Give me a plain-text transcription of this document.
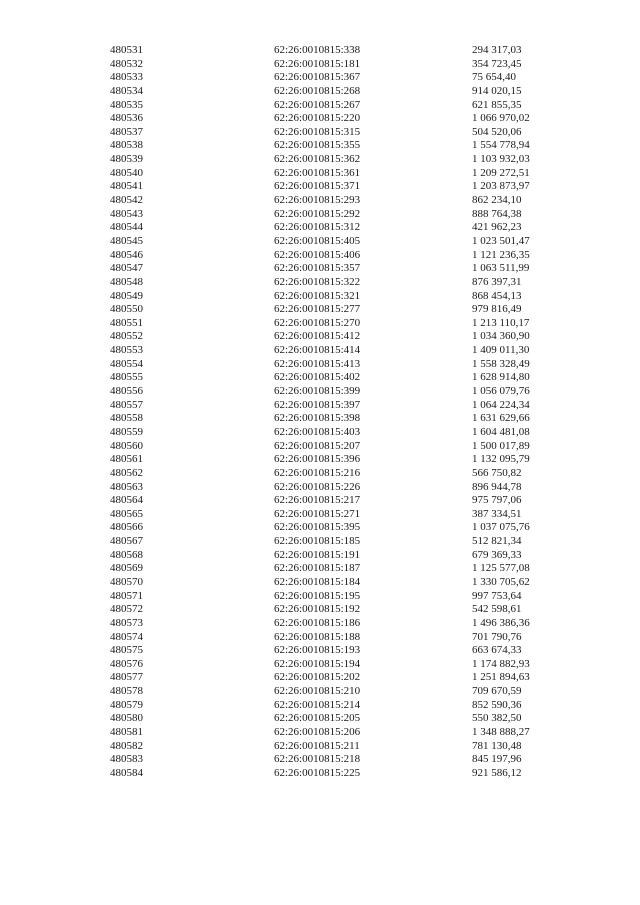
480531	62:26:0010815:338	294 317,03
480532	62:26:0010815:181	354 723,45
480533	62:26:0010815:367	75 654,40
480534	62:26:0010815:268	914 020,15
480535	62:26:0010815:267	621 855,35
480536	62:26:0010815:220	1 066 970,02
480537	62:26:0010815:315	504 520,06
480538	62:26:0010815:355	1 554 778,94
480539	62:26:0010815:362	1 103 932,03
480540	62:26:0010815:361	1 209 272,51
480541	62:26:0010815:371	1 203 873,97
480542	62:26:0010815:293	862 234,10
480543	62:26:0010815:292	888 764,38
480544	62:26:0010815:312	421 962,23
480545	62:26:0010815:405	1 023 501,47
480546	62:26:0010815:406	1 121 236,35
480547	62:26:0010815:357	1 063 511,99
480548	62:26:0010815:322	876 397,31
480549	62:26:0010815:321	868 454,13
480550	62:26:0010815:277	979 816,49
480551	62:26:0010815:270	1 213 110,17
480552	62:26:0010815:412	1 034 360,90
480553	62:26:0010815:414	1 409 011,30
480554	62:26:0010815:413	1 558 328,49
480555	62:26:0010815:402	1 628 914,80
480556	62:26:0010815:399	1 056 079,76
480557	62:26:0010815:397	1 064 224,34
480558	62:26:0010815:398	1 631 629,66
480559	62:26:0010815:403	1 604 481,08
480560	62:26:0010815:207	1 500 017,89
480561	62:26:0010815:396	1 132 095,79
480562	62:26:0010815:216	566 750,82
480563	62:26:0010815:226	896 944,78
480564	62:26:0010815:217	975 797,06
480565	62:26:0010815:271	387 334,51
480566	62:26:0010815:395	1 037 075,76
480567	62:26:0010815:185	512 821,34
480568	62:26:0010815:191	679 369,33
480569	62:26:0010815:187	1 125 577,08
480570	62:26:0010815:184	1 330 705,62
480571	62:26:0010815:195	997 753,64
480572	62:26:0010815:192	542 598,61
480573	62:26:0010815:186	1 496 386,36
480574	62:26:0010815:188	701 790,76
480575	62:26:0010815:193	663 674,33
480576	62:26:0010815:194	1 174 882,93
480577	62:26:0010815:202	1 251 894,63
480578	62:26:0010815:210	709 670,59
480579	62:26:0010815:214	852 590,36
480580	62:26:0010815:205	550 382,50
480581	62:26:0010815:206	1 348 888,27
480582	62:26:0010815:211	781 130,48
480583	62:26:0010815:218	845 197,96
480584	62:26:0010815:225	921 586,12
